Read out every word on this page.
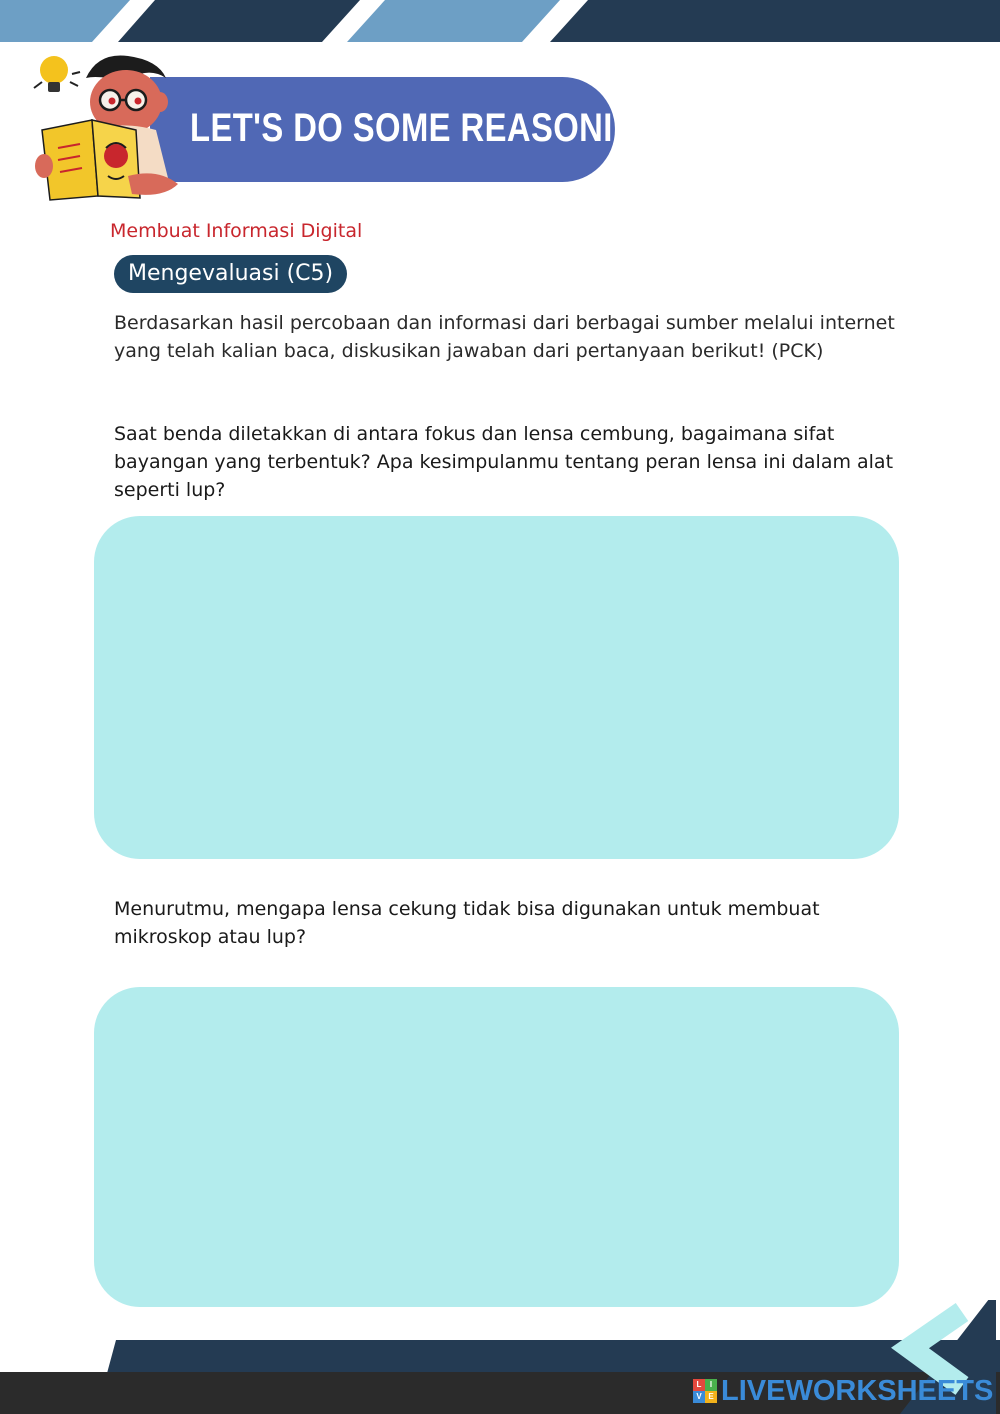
LET'S DO SOME REASONING
Membuat Informasi Digital
Mengevaluasi (C5)

Berdasarkan hasil percobaan dan informasi dari berbagai sumber melalui internet yang telah kalian baca, diskusikan jawaban dari pertanyaan berikut! (PCK)

Saat benda diletakkan di antara fokus dan lensa cembung, bagaimana sifat bayangan yang terbentuk? Apa kesimpulanmu tentang peran lensa ini dalam alat seperti lup?

Menurutmu, mengapa lensa cekung tidak bisa digunakan untuk membuat mikroskop atau lup?

L	I
V E LIVEWORKSHEETS
